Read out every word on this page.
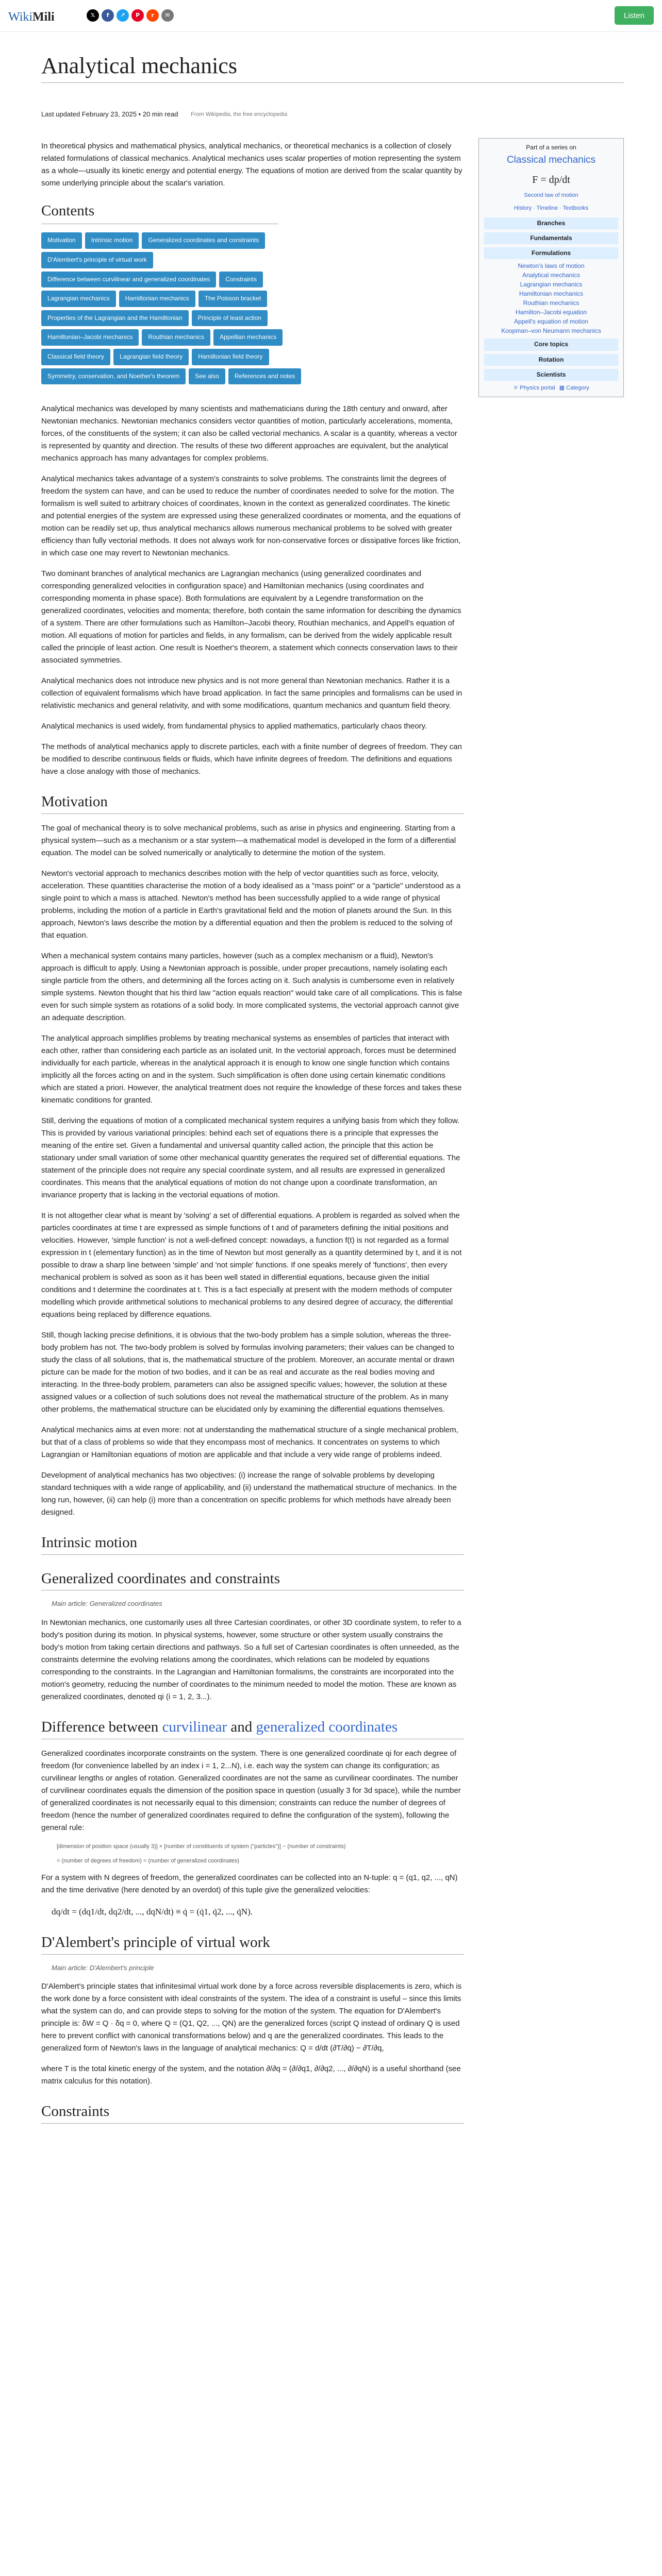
WikiMili	𝕏	f	↗	P	r	✉	Listen
Analytical mechanics
Last updated February 23, 2025 • 20 min read From Wikipedia, the free encyclopedia
Part of a series on
Classical mechanics
F = dp/dt
Second law of motion
History · Timeline · Textbooks
Branches
Fundamentals
Formulations
Newton's laws of motion
Analytical mechanics
Lagrangian mechanics
Hamiltonian mechanics
Routhian mechanics
Hamilton–Jacobi equation
Appell's equation of motion
Koopman–von Neumann mechanics
Core topics
Rotation
Scientists
⚛ Physics portal ▦ Category

In theoretical physics and mathematical physics, analytical mechanics, or theoretical mechanics is a collection of closely related formulations of classical mechanics. Analytical mechanics uses scalar properties of motion representing the system as a whole—usually its kinetic energy and potential energy. The equations of motion are derived from the scalar quantity by some underlying principle about the scalar's variation.

Contents
Motivation	Intrinsic motion	Generalized coordinates and constraints
D'Alembert's principle of virtual work
Difference between curvilinear and generalized coordinates	Constraints
Lagrangian mechanics	Hamiltonian mechanics	The Poisson bracket
Properties of the Lagrangian and the Hamiltonian	Principle of least action
Hamiltonian–Jacobi mechanics	Routhian mechanics	Appellian mechanics
Classical field theory	Lagrangian field theory	Hamiltonian field theory
Symmetry, conservation, and Noether's theorem	See also	References and notes

Analytical mechanics was developed by many scientists and mathematicians during the 18th century and onward, after Newtonian mechanics. Newtonian mechanics considers vector quantities of motion, particularly accelerations, momenta, forces, of the constituents of the system; it can also be called vectorial mechanics. A scalar is a quantity, whereas a vector is represented by quantity and direction. The results of these two different approaches are equivalent, but the analytical mechanics approach has many advantages for complex problems.

Analytical mechanics takes advantage of a system's constraints to solve problems. The constraints limit the degrees of freedom the system can have, and can be used to reduce the number of coordinates needed to solve for the motion. The formalism is well suited to arbitrary choices of coordinates, known in the context as generalized coordinates. The kinetic and potential energies of the system are expressed using these generalized coordinates or momenta, and the equations of motion can be readily set up, thus analytical mechanics allows numerous mechanical problems to be solved with greater efficiency than fully vectorial methods. It does not always work for non-conservative forces or dissipative forces like friction, in which case one may revert to Newtonian mechanics.

Two dominant branches of analytical mechanics are Lagrangian mechanics (using generalized coordinates and corresponding generalized velocities in configuration space) and Hamiltonian mechanics (using coordinates and corresponding momenta in phase space). Both formulations are equivalent by a Legendre transformation on the generalized coordinates, velocities and momenta; therefore, both contain the same information for describing the dynamics of a system. There are other formulations such as Hamilton–Jacobi theory, Routhian mechanics, and Appell's equation of motion. All equations of motion for particles and fields, in any formalism, can be derived from the widely applicable result called the principle of least action. One result is Noether's theorem, a statement which connects conservation laws to their associated symmetries.

Analytical mechanics does not introduce new physics and is not more general than Newtonian mechanics. Rather it is a collection of equivalent formalisms which have broad application. In fact the same principles and formalisms can be used in relativistic mechanics and general relativity, and with some modifications, quantum mechanics and quantum field theory.

Analytical mechanics is used widely, from fundamental physics to applied mathematics, particularly chaos theory.

The methods of analytical mechanics apply to discrete particles, each with a finite number of degrees of freedom. They can be modified to describe continuous fields or fluids, which have infinite degrees of freedom. The definitions and equations have a close analogy with those of mechanics.

Motivation

The goal of mechanical theory is to solve mechanical problems, such as arise in physics and engineering. Starting from a physical system—such as a mechanism or a star system—a mathematical model is developed in the form of a differential equation. The model can be solved numerically or analytically to determine the motion of the system.

Newton's vectorial approach to mechanics describes motion with the help of vector quantities such as force, velocity, acceleration. These quantities characterise the motion of a body idealised as a "mass point" or a "particle" understood as a single point to which a mass is attached. Newton's method has been successfully applied to a wide range of physical problems, including the motion of a particle in Earth's gravitational field and the motion of planets around the Sun. In this approach, Newton's laws describe the motion by a differential equation and then the problem is reduced to the solving of that equation.

When a mechanical system contains many particles, however (such as a complex mechanism or a fluid), Newton's approach is difficult to apply. Using a Newtonian approach is possible, under proper precautions, namely isolating each single particle from the others, and determining all the forces acting on it. Such analysis is cumbersome even in relatively simple systems. Newton thought that his third law "action equals reaction" would take care of all complications. This is false even for such simple system as rotations of a solid body. In more complicated systems, the vectorial approach cannot give an adequate description.

The analytical approach simplifies problems by treating mechanical systems as ensembles of particles that interact with each other, rather than considering each particle as an isolated unit. In the vectorial approach, forces must be determined individually for each particle, whereas in the analytical approach it is enough to know one single function which contains implicitly all the forces acting on and in the system. Such simplification is often done using certain kinematic conditions which are stated a priori. However, the analytical treatment does not require the knowledge of these forces and takes these kinematic conditions for granted.

Still, deriving the equations of motion of a complicated mechanical system requires a unifying basis from which they follow. This is provided by various variational principles: behind each set of equations there is a principle that expresses the meaning of the entire set. Given a fundamental and universal quantity called action, the principle that this action be stationary under small variation of some other mechanical quantity generates the required set of differential equations. The statement of the principle does not require any special coordinate system, and all results are expressed in generalized coordinates. This means that the analytical equations of motion do not change upon a coordinate transformation, an invariance property that is lacking in the vectorial equations of motion.

It is not altogether clear what is meant by 'solving' a set of differential equations. A problem is regarded as solved when the particles coordinates at time t are expressed as simple functions of t and of parameters defining the initial positions and velocities. However, 'simple function' is not a well-defined concept: nowadays, a function f(t) is not regarded as a formal expression in t (elementary function) as in the time of Newton but most generally as a quantity determined by t, and it is not possible to draw a sharp line between 'simple' and 'not simple' functions. If one speaks merely of 'functions', then every mechanical problem is solved as soon as it has been well stated in differential equations, because given the initial conditions and t determine the coordinates at t. This is a fact especially at present with the modern methods of computer modelling which provide arithmetical solutions to mechanical problems to any desired degree of accuracy, the differential equations being replaced by difference equations.

Still, though lacking precise definitions, it is obvious that the two-body problem has a simple solution, whereas the three-body problem has not. The two-body problem is solved by formulas involving parameters; their values can be changed to study the class of all solutions, that is, the mathematical structure of the problem. Moreover, an accurate mental or drawn picture can be made for the motion of two bodies, and it can be as real and accurate as the real bodies moving and interacting. In the three-body problem, parameters can also be assigned specific values; however, the solution at these assigned values or a collection of such solutions does not reveal the mathematical structure of the problem. As in many other problems, the mathematical structure can be elucidated only by examining the differential equations themselves.

Analytical mechanics aims at even more: not at understanding the mathematical structure of a single mechanical problem, but that of a class of problems so wide that they encompass most of mechanics. It concentrates on systems to which Lagrangian or Hamiltonian equations of motion are applicable and that include a very wide range of problems indeed.

Development of analytical mechanics has two objectives: (i) increase the range of solvable problems by developing standard techniques with a wide range of applicability, and (ii) understand the mathematical structure of mechanics. In the long run, however, (ii) can help (i) more than a concentration on specific problems for which methods have already been designed.

Intrinsic motion
Generalized coordinates and constraints
Main article: Generalized coordinates

In Newtonian mechanics, one customarily uses all three Cartesian coordinates, or other 3D coordinate system, to refer to a body's position during its motion. In physical systems, however, some structure or other system usually constrains the body's motion from taking certain directions and pathways. So a full set of Cartesian coordinates is often unneeded, as the constraints determine the evolving relations among the coordinates, which relations can be modeled by equations corresponding to the constraints. In the Lagrangian and Hamiltonian formalisms, the constraints are incorporated into the motion's geometry, reducing the number of coordinates to the minimum needed to model the motion. These are known as generalized coordinates, denoted qi (i = 1, 2, 3...).

Difference between curvilinear and generalized coordinates

Generalized coordinates incorporate constraints on the system. There is one generalized coordinate qi for each degree of freedom (for convenience labelled by an index i = 1, 2...N), i.e. each way the system can change its configuration; as curvilinear lengths or angles of rotation. Generalized coordinates are not the same as curvilinear coordinates. The number of curvilinear coordinates equals the dimension of the position space in question (usually 3 for 3d space), while the number of generalized coordinates is not necessarily equal to this dimension; constraints can reduce the number of degrees of freedom (hence the number of generalized coordinates required to define the configuration of the system), following the general rule:

[dimension of position space (usually 3)] × [number of constituents of system ("particles")] − (number of constraints)
= (number of degrees of freedom) = (number of generalized coordinates)

For a system with N degrees of freedom, the generalized coordinates can be collected into an N-tuple: q = (q1, q2, ..., qN) and the time derivative (here denoted by an overdot) of this tuple give the generalized velocities:

dq/dt = (dq1/dt, dq2/dt, ..., dqN/dt) ≡ q̇ = (q̇1, q̇2, ..., q̇N).
D'Alembert's principle of virtual work
Main article: D'Alembert's principle

D'Alembert's principle states that infinitesimal virtual work done by a force across reversible displacements is zero, which is the work done by a force consistent with ideal constraints of the system. The idea of a constraint is useful – since this limits what the system can do, and can provide steps to solving for the motion of the system. The equation for D'Alembert's principle is: δW = Q · δq = 0, where Q = (Q1, Q2, ..., QN) are the generalized forces (script Q instead of ordinary Q is used here to prevent conflict with canonical transformations below) and q are the generalized coordinates. This leads to the generalized form of Newton's laws in the language of analytical mechanics: Q = d/dt (∂T/∂q̇) − ∂T/∂q,

where T is the total kinetic energy of the system, and the notation ∂/∂q = (∂/∂q1, ∂/∂q2, ..., ∂/∂qN) is a useful shorthand (see matrix calculus for this notation).

Constraints
